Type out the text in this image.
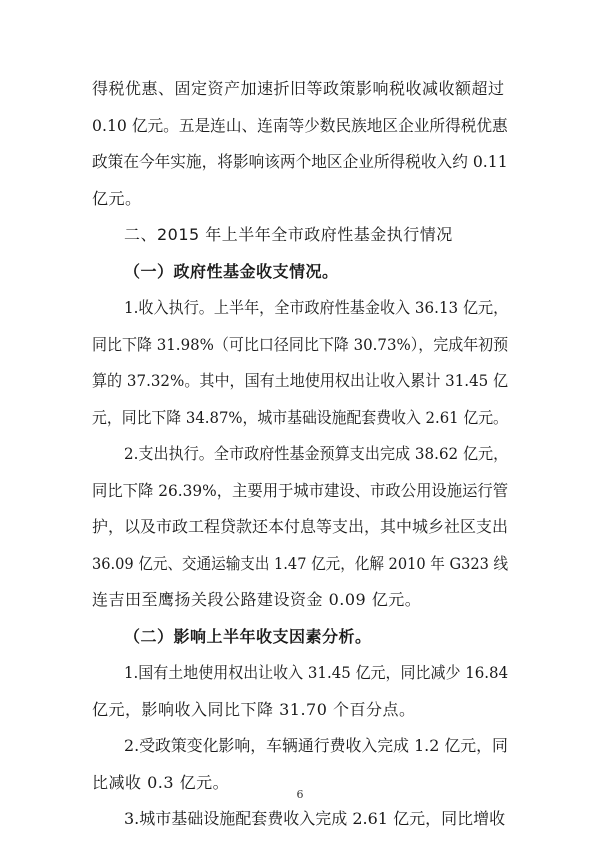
得税优惠、固定资产加速折旧等政策影响税收减收额超过
0.10 亿元。五是连山、连南等少数民族地区企业所得税优惠
政策在今年实施，将影响该两个地区企业所得税收入约 0.11
亿元。
二、2015 年上半年全市政府性基金执行情况
（一）政府性基金收支情况。
1.收入执行。上半年，全市政府性基金收入 36.13 亿元，
同比下降 31.98%（可比口径同比下降 30.73%），完成年初预
算的 37.32%。其中，国有土地使用权出让收入累计 31.45 亿
元，同比下降 34.87%，城市基础设施配套费收入 2.61 亿元。
2.支出执行。全市政府性基金预算支出完成 38.62 亿元，
同比下降 26.39%，主要用于城市建设、市政公用设施运行管
护，以及市政工程贷款还本付息等支出，其中城乡社区支出
36.09 亿元、交通运输支出 1.47 亿元，化解 2010 年 G323 线
连吉田至鹰扬关段公路建设资金 0.09 亿元。
（二）影响上半年收支因素分析。
1.国有土地使用权出让收入 31.45 亿元，同比减少 16.84
亿元，影响收入同比下降 31.70 个百分点。
2.受政策变化影响，车辆通行费收入完成 1.2 亿元，同
比减收 0.3 亿元。
3.城市基础设施配套费收入完成 2.61 亿元，同比增收
6
